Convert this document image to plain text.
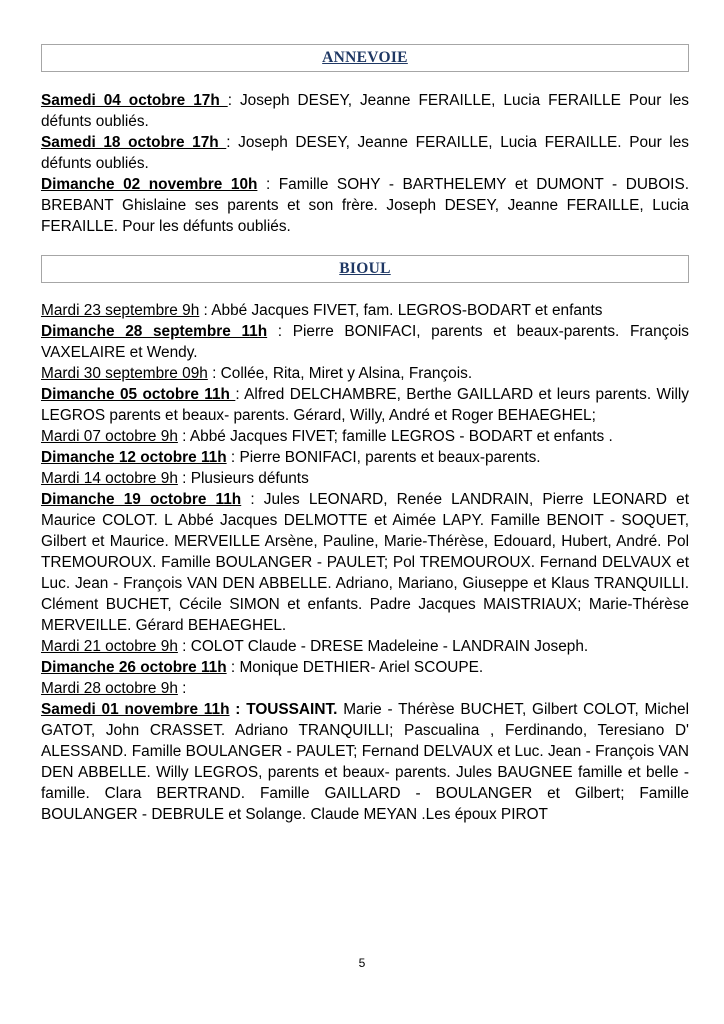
ANNEVOIE

Samedi 04 octobre 17h : Joseph DESEY, Jeanne FERAILLE, Lucia FERAILLE Pour les défunts oubliés.

Samedi 18 octobre 17h : Joseph DESEY, Jeanne FERAILLE, Lucia FERAILLE. Pour les défunts oubliés.

Dimanche 02 novembre 10h : Famille SOHY - BARTHELEMY et DUMONT - DUBOIS. BREBANT Ghislaine ses parents et son frère. Joseph DESEY, Jeanne FERAILLE, Lucia FERAILLE. Pour les défunts oubliés.

BIOUL

Mardi 23 septembre 9h : Abbé Jacques FIVET, fam. LEGROS-BODART et enfants

Dimanche 28 septembre 11h : Pierre BONIFACI, parents et beaux-parents. François VAXELAIRE et Wendy.

Mardi 30 septembre 09h : Collée, Rita, Miret y Alsina, François.

Dimanche 05 octobre 11h : Alfred DELCHAMBRE, Berthe GAILLARD et leurs parents. Willy LEGROS parents et beaux- parents. Gérard, Willy, André et Roger BEHAEGHEL;

Mardi 07 octobre 9h : Abbé Jacques FIVET; famille LEGROS - BODART et enfants .

Dimanche 12 octobre 11h : Pierre BONIFACI, parents et beaux-parents.

Mardi 14 octobre 9h : Plusieurs défunts

Dimanche 19 octobre 11h : Jules LEONARD, Renée LANDRAIN, Pierre LEONARD et Maurice COLOT. L Abbé Jacques DELMOTTE et Aimée LAPY. Famille BENOIT - SOQUET, Gilbert et Maurice. MERVEILLE Arsène, Pauline, Marie-Thérèse, Edouard, Hubert, André. Pol TREMOUROUX. Famille BOULANGER - PAULET; Pol TREMOUROUX. Fernand DELVAUX et Luc. Jean - François VAN DEN ABBELLE. Adriano, Mariano, Giuseppe et Klaus TRANQUILLI. Clément BUCHET, Cécile SIMON et enfants. Padre Jacques MAISTRIAUX; Marie-Thérèse MERVEILLE. Gérard BEHAEGHEL.

Mardi 21 octobre 9h : COLOT Claude - DRESE Madeleine - LANDRAIN Joseph.

Dimanche 26 octobre 11h : Monique DETHIER- Ariel SCOUPE.

Mardi 28 octobre 9h :

Samedi 01 novembre 11h : TOUSSAINT. Marie - Thérèse BUCHET, Gilbert COLOT, Michel GATOT, John CRASSET. Adriano TRANQUILLI; Pascualina , Ferdinando, Teresiano D' ALESSAND. Famille BOULANGER - PAULET; Fernand DELVAUX et Luc. Jean - François VAN DEN ABBELLE. Willy LEGROS, parents et beaux- parents. Jules BAUGNEE famille et belle - famille. Clara BERTRAND. Famille GAILLARD - BOULANGER et Gilbert; Famille BOULANGER - DEBRULE et Solange. Claude MEYAN .Les époux PIROT

5
